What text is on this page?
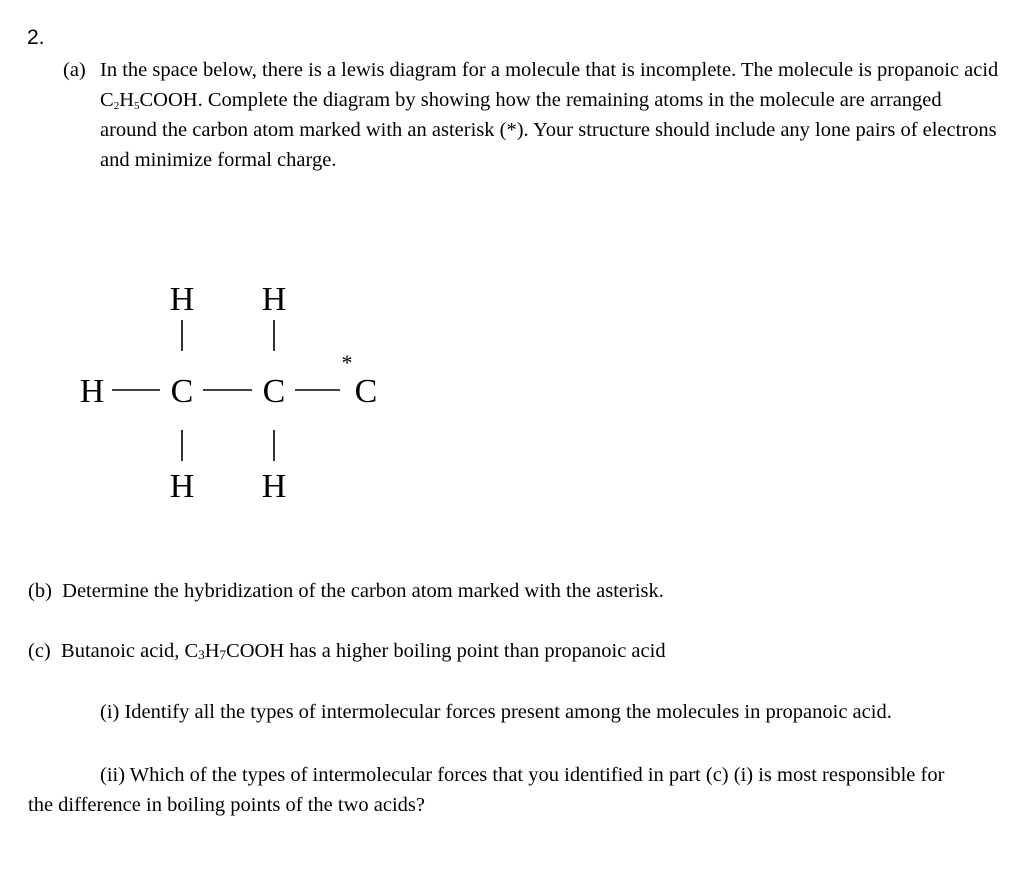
2.
(a) In the space below, there is a lewis diagram for a molecule that is incomplete. The molecule is propanoic acid $C_2H_5COOH$. Complete the diagram by showing how the remaining atoms in the molecule are arranged around the carbon atom marked with an asterisk (*). Your structure should include any lone pairs of electrons and minimize formal charge.
H H
H C C C
H H
*
(b) Determine the hybridization of the carbon atom marked with the asterisk.
(c) Butanoic acid, C3H7COOH has a higher boiling point than propanoic acid
(i) Identify all the types of intermolecular forces present among the molecules in propanoic acid.
(ii) Which of the types of intermolecular forces that you identified in part (c) (i) is most responsible for the difference in boiling points of the two acids?
